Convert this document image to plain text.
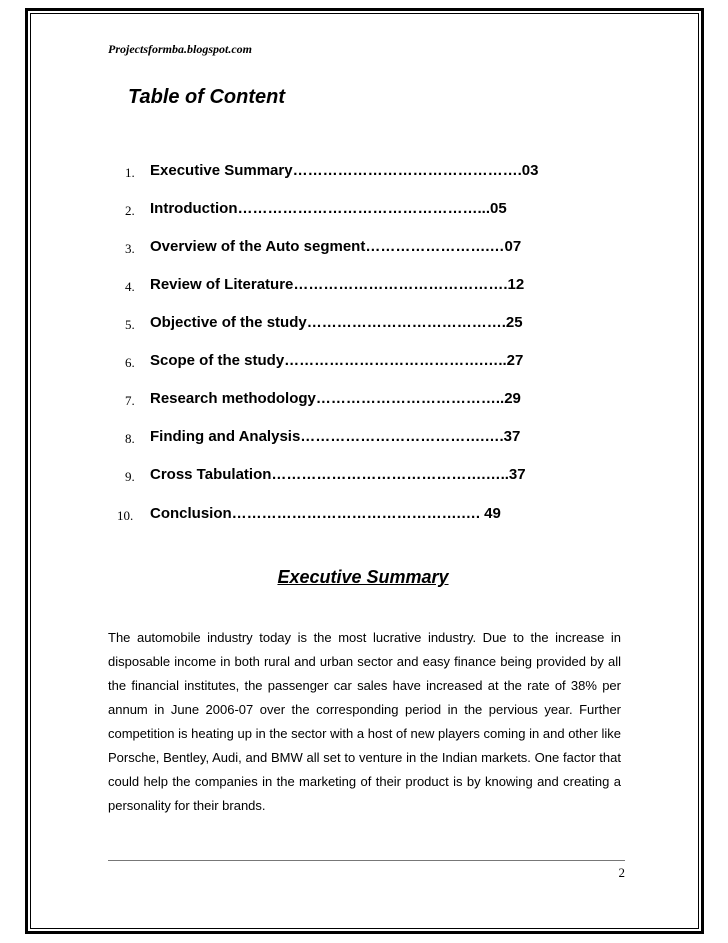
Projectsformba.blogspot.com
Table of Content
1. Executive Summary……………………………………….03
2. Introduction…………………………………………...05
3. Overview of the Auto segment…………………….…07
4. Review of Literature…………………………………….12
5. Objective of the study………………………………….25
6. Scope of the study………………………………….…..27
7. Research methodology………………………………..29
8. Finding and Analysis……………………………….….37
9. Cross Tabulation…………………………………….…..37
10. Conclusion……………………………………….…. 49
Executive Summary

The automobile industry today is the most lucrative industry. Due to the increase in disposable income in both rural and urban sector and easy finance being provided by all the financial institutes, the passenger car sales have increased at the rate of 38% per annum in June 2006-07 over the corresponding period in the pervious year. Further competition is heating up in the sector with a host of new players coming in and other like Porsche, Bentley, Audi, and BMW all set to venture in the Indian markets. One factor that could help the companies in the marketing of their product is by knowing and creating a personality for their brands.

2
